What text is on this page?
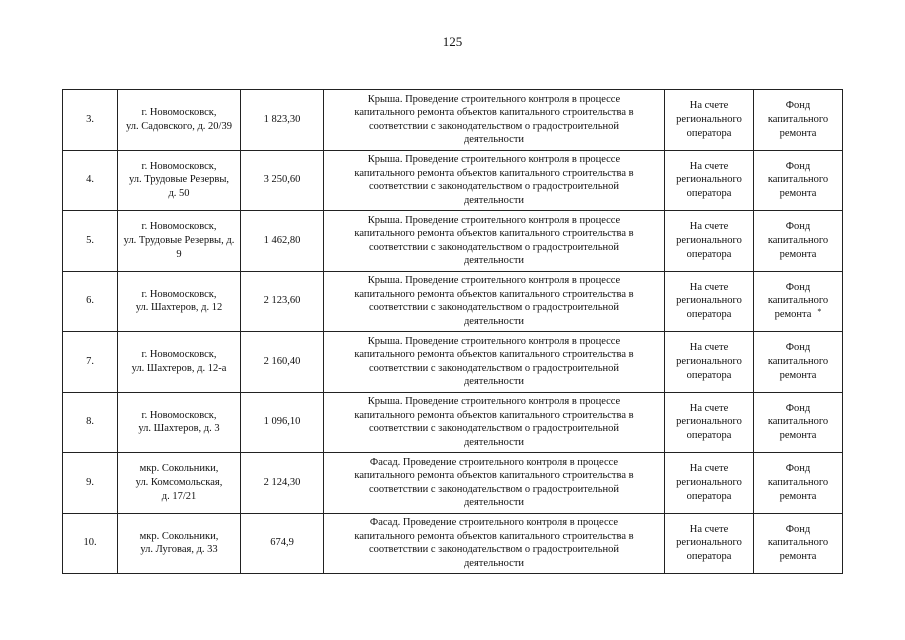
125
3.	г. Новомосковск,
ул. Садовского, д. 20/39	1 823,30	Крыша. Проведение строительного контроля в процессе
капитального ремонта объектов капитального строительства в
соответствии с законодательством о градостроительной
деятельности	На счете
регионального
оператора	Фонд
капитального
ремонта
4.	г. Новомосковск,
ул. Трудовые Резервы,
д. 50	3 250,60	Крыша. Проведение строительного контроля в процессе
капитального ремонта объектов капитального строительства в
соответствии с законодательством о градостроительной
деятельности	На счете
регионального
оператора	Фонд
капитального
ремонта
5.	г. Новомосковск,
ул. Трудовые Резервы, д. 9	1 462,80	Крыша. Проведение строительного контроля в процессе
капитального ремонта объектов капитального строительства в
соответствии с законодательством о градостроительной
деятельности	На счете
регионального
оператора	Фонд
капитального
ремонта
6.	г. Новомосковск,
ул. Шахтеров, д. 12	2 123,60	Крыша. Проведение строительного контроля в процессе
капитального ремонта объектов капитального строительства в
соответствии с законодательством о градостроительной
деятельности	На счете
регионального
оператора	Фонд
капитального
ремонта *
7.	г. Новомосковск,
ул. Шахтеров, д. 12-а	2 160,40	Крыша. Проведение строительного контроля в процессе
капитального ремонта объектов капитального строительства в
соответствии с законодательством о градостроительной
деятельности	На счете
регионального
оператора	Фонд
капитального
ремонта
8.	г. Новомосковск,
ул. Шахтеров, д. 3	1 096,10	Крыша. Проведение строительного контроля в процессе
капитального ремонта объектов капитального строительства в
соответствии с законодательством о градостроительной
деятельности	На счете
регионального
оператора	Фонд
капитального
ремонта
9.	мкр. Сокольники,
ул. Комсомольская,
д. 17/21	2 124,30	Фасад. Проведение строительного контроля в процессе
капитального ремонта объектов капитального строительства в
соответствии с законодательством о градостроительной
деятельности	На счете
регионального
оператора	Фонд
капитального
ремонта
10.	мкр. Сокольники,
ул. Луговая, д. 33	674,9	Фасад. Проведение строительного контроля в процессе
капитального ремонта объектов капитального строительства в
соответствии с законодательством о градостроительной
деятельности	На счете
регионального
оператора	Фонд
капитального
ремонта
